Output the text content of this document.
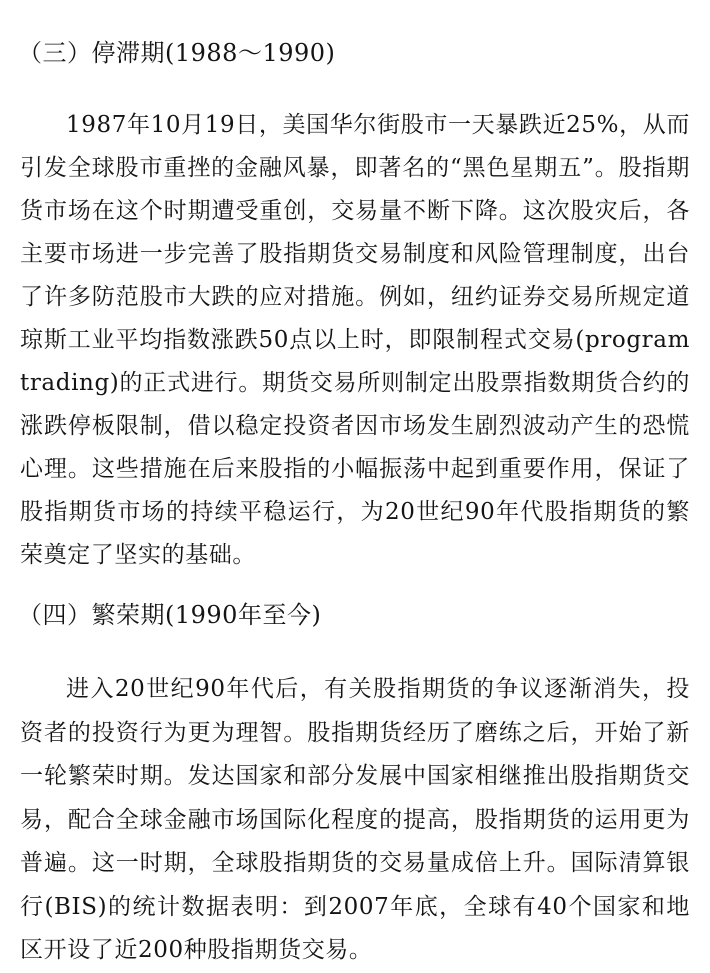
（三）停滞期(1988～1990)
1987年10月19日，美国华尔街股市一天暴跌近25%，从而引发全球股市重挫的金融风暴，即著名的“黑色星期五”。股指期货市场在这个时期遭受重创，交易量不断下降。这次股灾后，各主要市场进一步完善了股指期货交易制度和风险管理制度，出台了许多防范股市大跌的应对措施。例如，纽约证券交易所规定道琼斯工业平均指数涨跌50点以上时，即限制程式交易(program trading)的正式进行。期货交易所则制定出股票指数期货合约的涨跌停板限制，借以稳定投资者因市场发生剧烈波动产生的恐慌心理。这些措施在后来股指的小幅振荡中起到重要作用，保证了股指期货市场的持续平稳运行，为20世纪90年代股指期货的繁荣奠定了坚实的基础。
（四）繁荣期(1990年至今)
进入20世纪90年代后，有关股指期货的争议逐渐消失，投资者的投资行为更为理智。股指期货经历了磨练之后，开始了新一轮繁荣时期。发达国家和部分发展中国家相继推出股指期货交易，配合全球金融市场国际化程度的提高，股指期货的运用更为普遍。这一时期，全球股指期货的交易量成倍上升。国际清算银行(BIS)的统计数据表明：到2007年底，全球有40个国家和地区开设了近200种股指期货交易。
